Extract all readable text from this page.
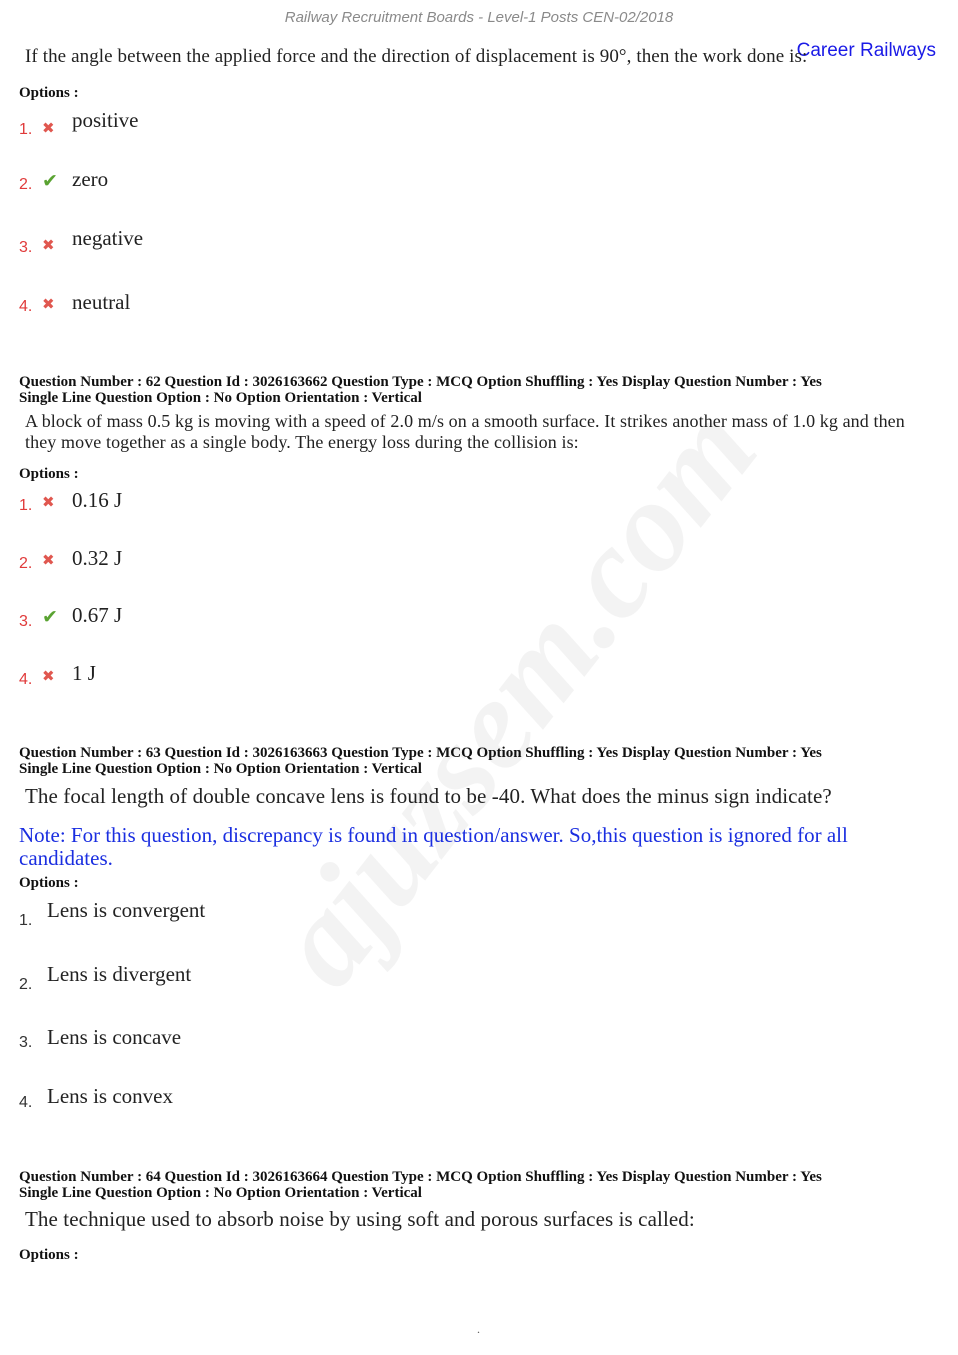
Railway Recruitment Boards - Level-1 Posts CEN-02/2018
Career Railways
If the angle between the applied force and the direction of displacement is 90°, then the work done is:
Options :
1. ✖ positive
2. ✔ zero
3. ✖ negative
4. ✖ neutral
Question Number : 62 Question Id : 3026163662 Question Type : MCQ Option Shuffling : Yes Display Question Number : Yes
Single Line Question Option : No Option Orientation : Vertical
A block of mass 0.5 kg is moving with a speed of 2.0 m/s on a smooth surface. It strikes another mass of 1.0 kg and then
they move together as a single body. The energy loss during the collision is:
Options :
1. ✖ 0.16 J
2. ✖ 0.32 J
3. ✔ 0.67 J
4. ✖ 1 J
Question Number : 63 Question Id : 3026163663 Question Type : MCQ Option Shuffling : Yes Display Question Number : Yes
Single Line Question Option : No Option Orientation : Vertical
The focal length of double concave lens is found to be -40. What does the minus sign indicate?
Note: For this question, discrepancy is found in question/answer. So,this question is ignored for all candidates.
Options :
1. Lens is convergent
2. Lens is divergent
3. Lens is concave
4. Lens is convex
Question Number : 64 Question Id : 3026163664 Question Type : MCQ Option Shuffling : Yes Display Question Number : Yes
Single Line Question Option : No Option Orientation : Vertical
The technique used to absorb noise by using soft and porous surfaces is called:
Options :
.
